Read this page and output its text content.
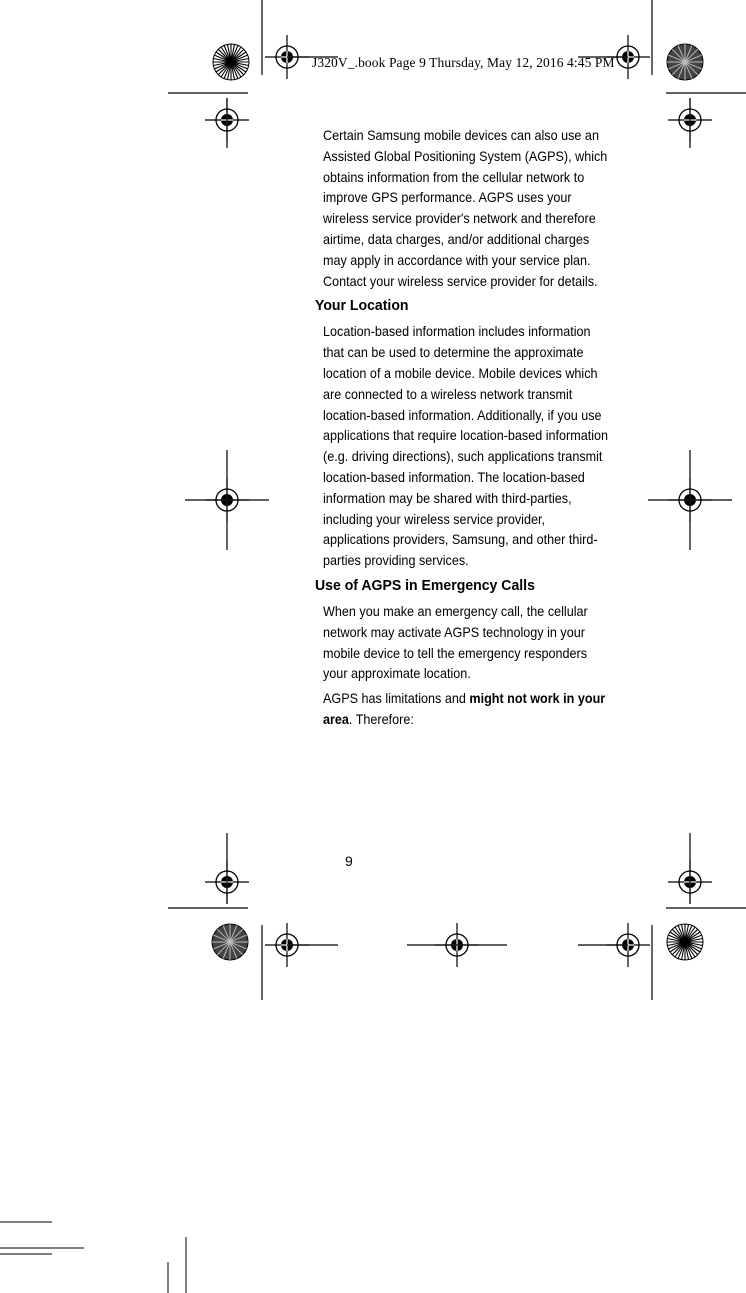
J320V_.book Page 9 Thursday, May 12, 2016 4:45 PM

Certain Samsung mobile devices can also use an Assisted Global Positioning System (AGPS), which obtains information from the cellular network to improve GPS performance. AGPS uses your wireless service provider's network and therefore airtime, data charges, and/or additional charges may apply in accordance with your service plan. Contact your wireless service provider for details.

Your Location

Location-based information includes information that can be used to determine the approximate location of a mobile device. Mobile devices which are connected to a wireless network transmit location-based information. Additionally, if you use applications that require location-based information (e.g. driving directions), such applications transmit location-based information. The location-based information may be shared with third-parties, including your wireless service provider, applications providers, Samsung, and other third-parties providing services.

Use of AGPS in Emergency Calls

When you make an emergency call, the cellular network may activate AGPS technology in your mobile device to tell the emergency responders your approximate location.

AGPS has limitations and might not work in your area. Therefore:

9
